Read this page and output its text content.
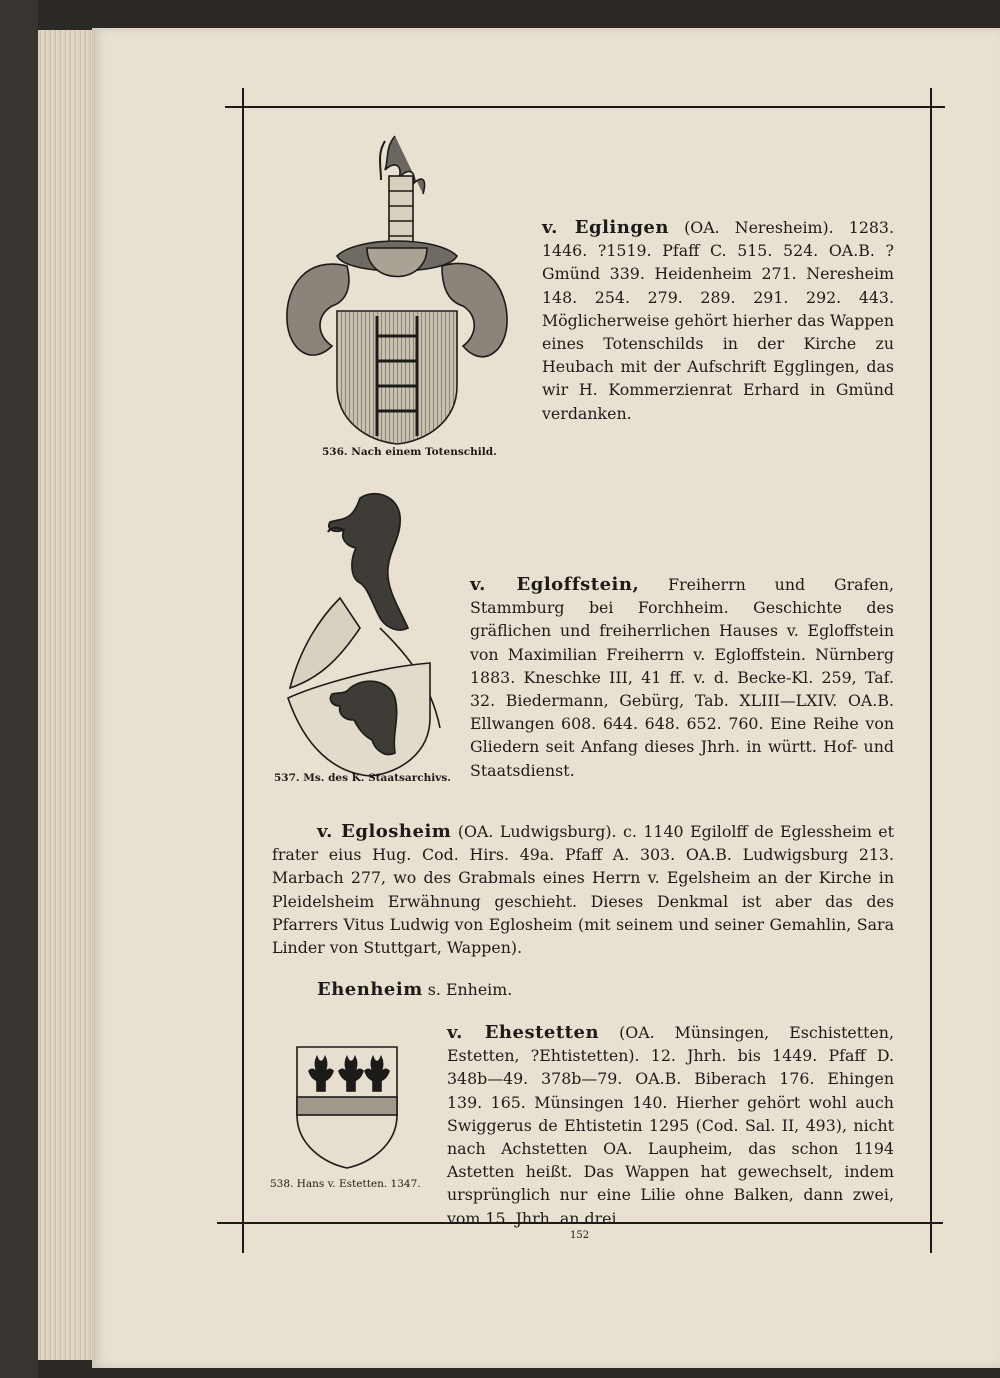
536. Nach einem Totenschild.
v. Eglingen (OA. Neresheim). 1283. 1446. ?1519. Pfaff C. 515. 524. OA.B. ?Gmünd 339. Heidenheim 271. Neresheim 148. 254. 279. 289. 291. 292. 443. Möglicherweise gehört hierher das Wappen eines Totenschilds in der Kirche zu Heubach mit der Aufschrift Egglingen, das wir H. Kommerzienrat Erhard in Gmünd verdanken.
537. Ms. des K. Staatsarchivs.
v. Egloffstein, Freiherrn und Grafen, Stammburg bei Forchheim. Geschichte des gräflichen und freiherrlichen Hauses v. Egloffstein von Maximilian Freiherrn v. Egloffstein. Nürnberg 1883. Kneschke III, 41 ff. v. d. Becke-Kl. 259, Taf. 32. Biedermann, Gebürg, Tab. XLIII—LXIV. OA.B. Ellwangen 608. 644. 648. 652. 760. Eine Reihe von Gliedern seit Anfang dieses Jhrh. in württ. Hof- und Staatsdienst.
v. Eglosheim (OA. Ludwigsburg). c. 1140 Egilolff de Eglessheim et frater eius Hug. Cod. Hirs. 49a. Pfaff A. 303. OA.B. Ludwigsburg 213. Marbach 277, wo des Grabmals eines Herrn v. Egelsheim an der Kirche in Pleidelsheim Erwähnung geschieht. Dieses Denkmal ist aber das des Pfarrers Vitus Ludwig von Eglosheim (mit seinem und seiner Gemahlin, Sara Linder von Stuttgart, Wappen).
Ehenheim s. Enheim.
538. Hans v. Estetten. 1347.
v. Ehestetten (OA. Münsingen, Eschistetten, Estetten, ?Ehtistetten). 12. Jhrh. bis 1449. Pfaff D. 348b—49. 378b—79. OA.B. Biberach 176. Ehingen 139. 165. Münsingen 140. Hierher gehört wohl auch Swiggerus de Ehtistetin 1295 (Cod. Sal. II, 493), nicht nach Achstetten OA. Laupheim, das schon 1194 Astetten heißt. Das Wappen hat gewechselt, indem ursprünglich nur eine Lilie ohne Balken, dann zwei, vom 15. Jhrh. an drei
152
